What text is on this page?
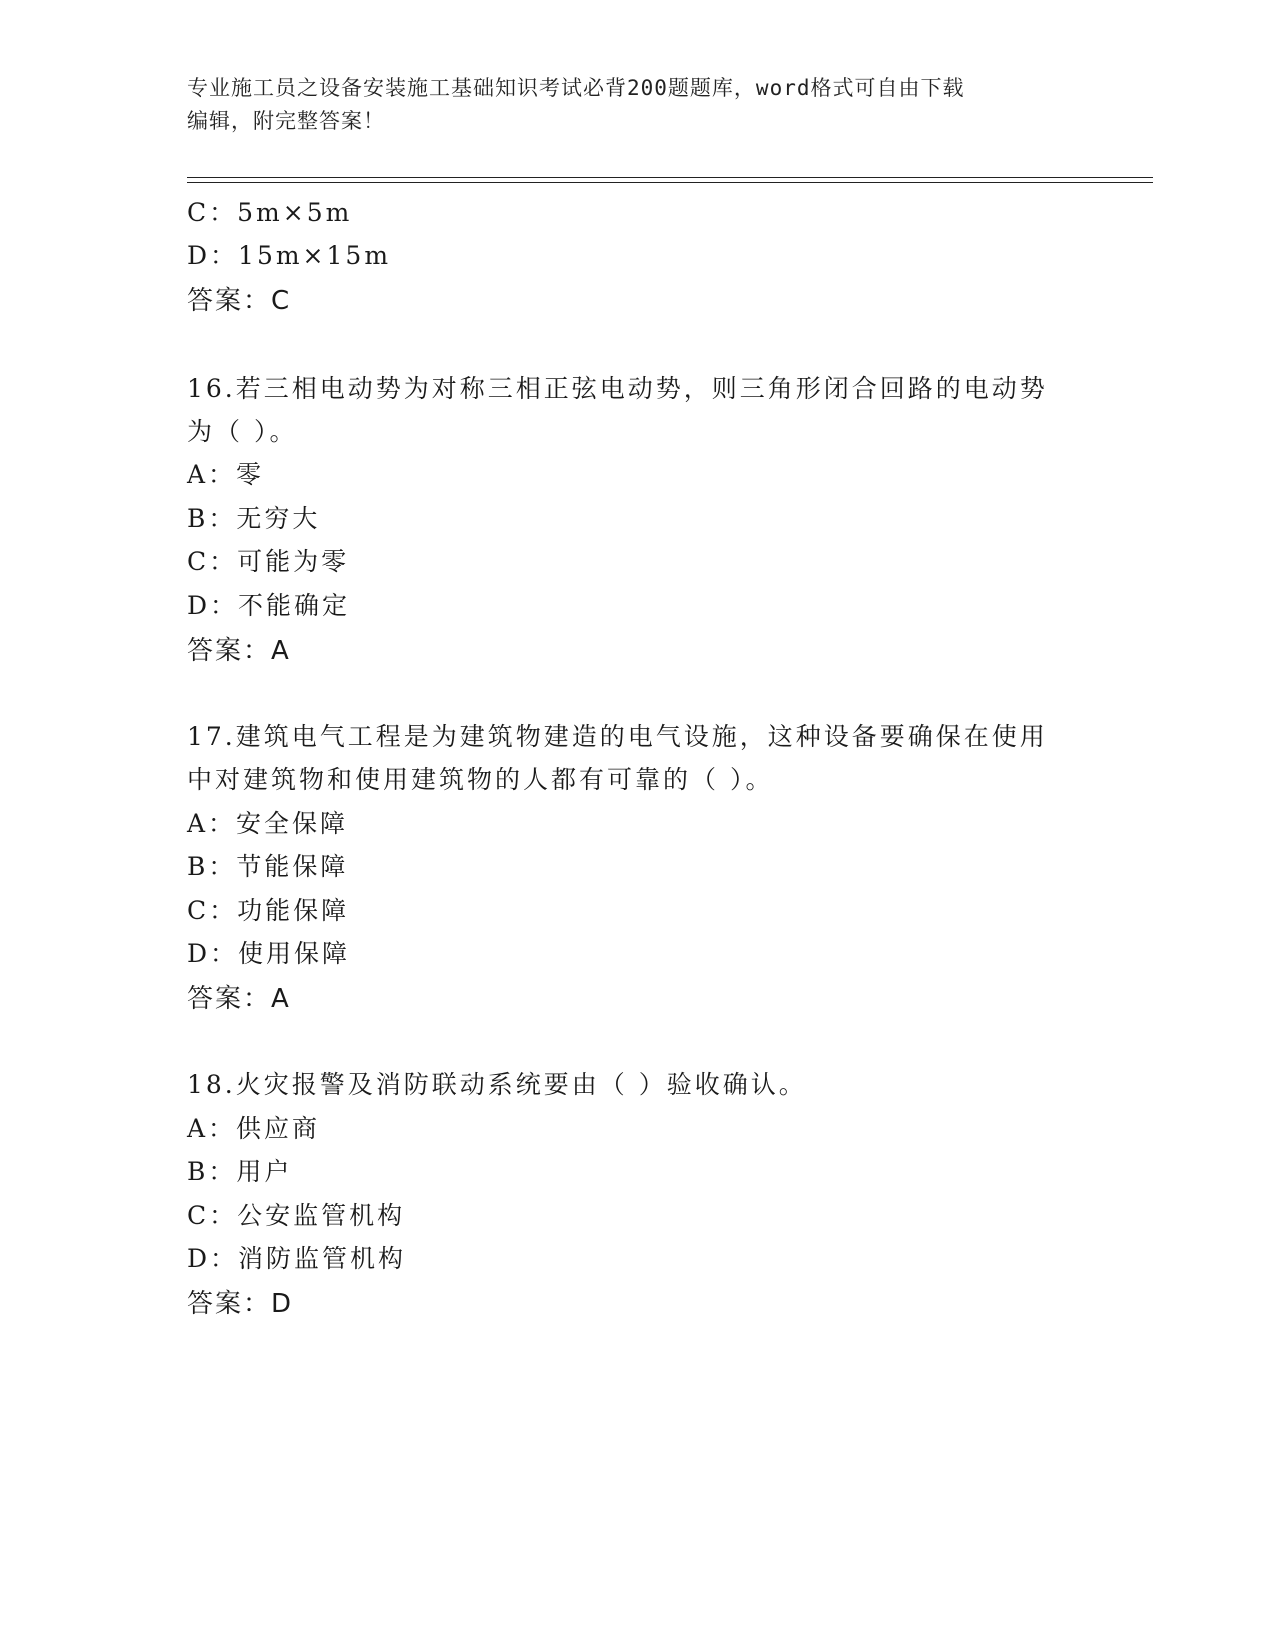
专业施工员之设备安装施工基础知识考试必背200题题库，word格式可自由下载
编辑，附完整答案！
C：5m×5m
D：15m×15m
答案：C
16.若三相电动势为对称三相正弦电动势，则三角形闭合回路的电动势
为（ ）。
A：零
B：无穷大
C：可能为零
D：不能确定
答案：A
17.建筑电气工程是为建筑物建造的电气设施，这种设备要确保在使用
中对建筑物和使用建筑物的人都有可靠的（ ）。
A：安全保障
B：节能保障
C：功能保障
D：使用保障
答案：A
18.火灾报警及消防联动系统要由（ ）验收确认。
A：供应商
B：用户
C：公安监管机构
D：消防监管机构
答案：D
